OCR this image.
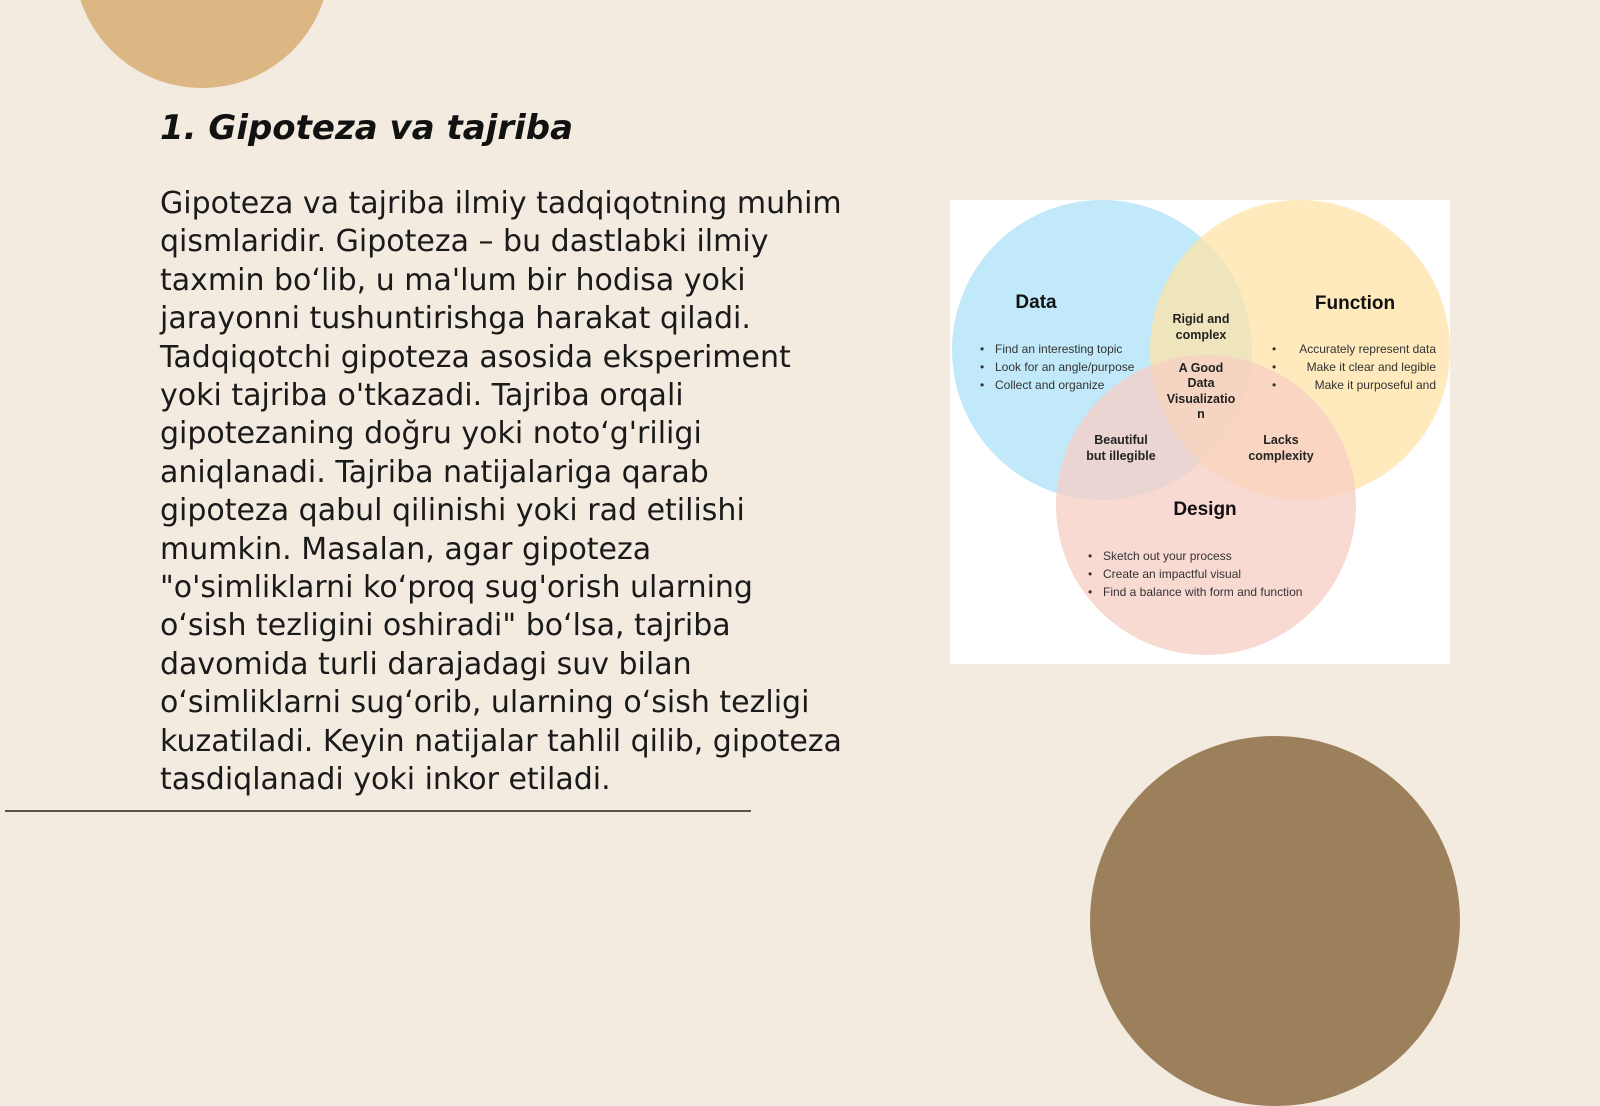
1. Gipoteza va tajriba
Gipoteza va tajriba ilmiy tadqiqotning muhim
qismlaridir. Gipoteza – bu dastlabki ilmiy
taxmin bo‘lib, u ma'lum bir hodisa yoki
jarayonni tushuntirishga harakat qiladi.
Tadqiqotchi gipoteza asosida eksperiment
yoki tajriba o'tkazadi. Tajriba orqali
gipotezaning doğru yoki noto‘g'riligi
aniqlanadi. Tajriba natijalariga qarab
gipoteza qabul qilinishi yoki rad etilishi
mumkin. Masalan, agar gipoteza
"o'simliklarni ko‘proq sug'orish ularning
o‘sish tezligini oshiradi" bo‘lsa, tajriba
davomida turli darajadagi suv bilan
o‘simliklarni sug‘orib, ularning o‘sish tezligi
kuzatiladi. Keyin natijalar tahlil qilib, gipoteza
tasdiqlanadi yoki inkor etiladi.
Data	Function
Design
• Find an interesting topic
• Look for an angle/purpose
• Collect and organize
• Accurately represent data
•	Make it clear and legible
•	Make it purposeful and
• Sketch out your process
• Create an impactful visual
• Find a balance with form and function
Rigid and
complex
A Good
Data
Visualizatio
n
Beautiful
but illegible
Lacks
complexity
